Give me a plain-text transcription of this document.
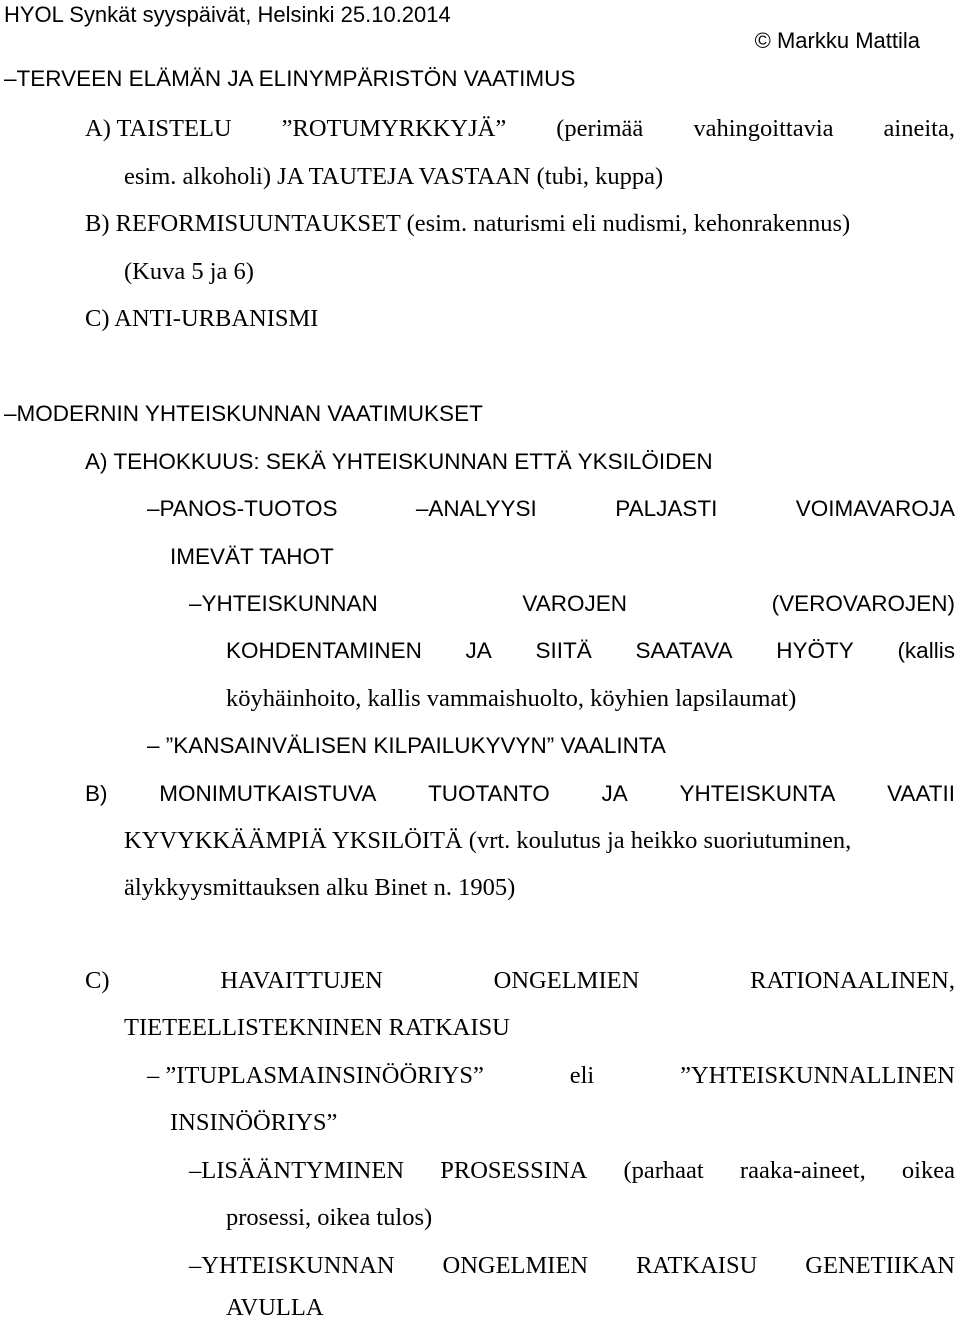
HYOL Synkät syyspäivät, Helsinki 25.10.2014
© Markku Mattila
–TERVEEN ELÄMÄN JA ELINYMPÄRISTÖN VAATIMUS
A) TAISTELU ”ROTUMYRKKYJÄ” (perimää vahingoittavia aineita,
esim. alkoholi) JA TAUTEJA VASTAAN (tubi, kuppa)
B) REFORMISUUNTAUKSET (esim. naturismi eli nudismi, kehonrakennus)
(Kuva 5 ja 6)
C) ANTI-URBANISMI
–MODERNIN YHTEISKUNNAN VAATIMUKSET
A) TEHOKKUUS: SEKÄ YHTEISKUNNAN ETTÄ YKSILÖIDEN
–PANOS-TUOTOS	–ANALYYSI	PALJASTI	VOIMAVAROJA
IMEVÄT TAHOT
–YHTEISKUNNAN	VAROJEN	(VEROVAROJEN)
KOHDENTAMINEN JA SIITÄ SAATAVA HYÖTY (kallis
köyhäinhoito, kallis vammaishuolto, köyhien lapsilaumat)
– ”KANSAINVÄLISEN KILPAILUKYVYN” VAALINTA
B) MONIMUTKAISTUVA TUOTANTO JA YHTEISKUNTA VAATII
KYVYKKÄÄMPIÄ YKSILÖITÄ (vrt. koulutus ja heikko suoriutuminen,
älykkyysmittauksen alku Binet n. 1905)
C)	HAVAITTUJEN	ONGELMIEN	RATIONAALINEN,
TIETEELLISTEKNINEN RATKAISU
– ”ITUPLASMAINSINÖÖRIYS”	eli	”YHTEISKUNNALLINEN
INSINÖÖRIYS”
–LISÄÄNTYMINEN PROSESSINA (parhaat raaka-aineet, oikea
prosessi, oikea tulos)
–YHTEISKUNNAN ONGELMIEN RATKAISU GENETIIKAN
AVULLA
